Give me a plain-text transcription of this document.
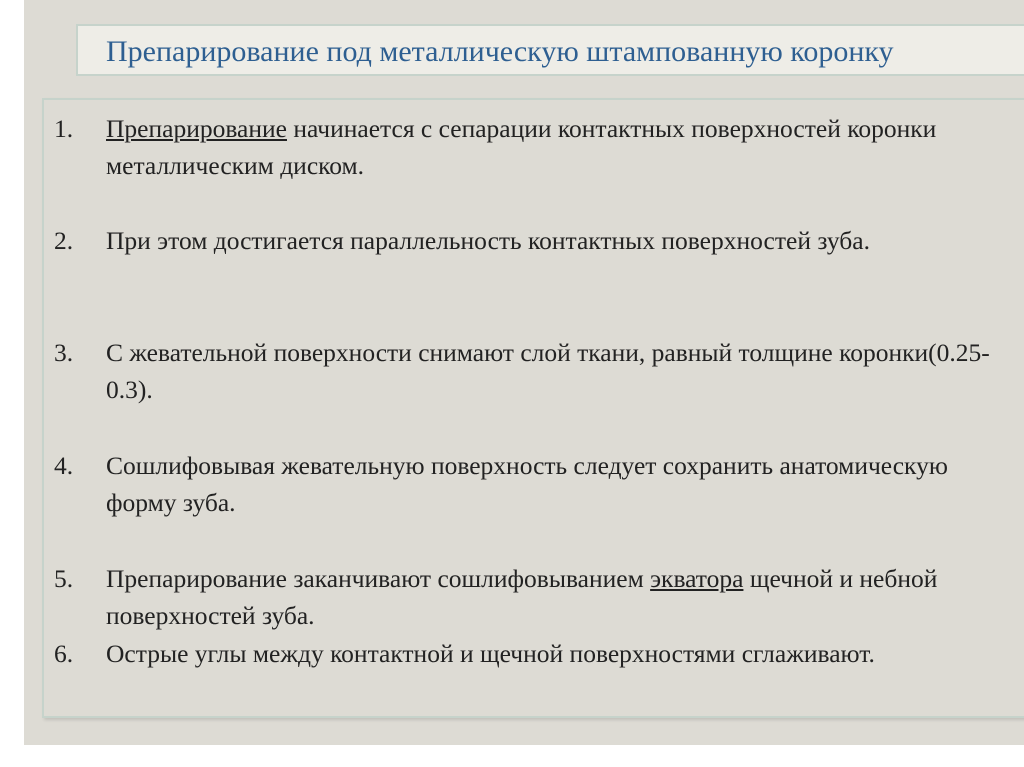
Препарирование под металлическую штампованную коронку
1. Препарирование начинается с сепарации контактных поверхностей коронки металлическим диском.
2. При этом достигается параллельность контактных поверхностей зуба.
3. С жевательной поверхности снимают слой ткани, равный толщине коронки(0.25-0.3).
4. Сошлифовывая жевательную поверхность следует сохранить анатомическую форму зуба.
5. Препарирование заканчивают сошлифовыванием экватора щечной и небной поверхностей зуба.
6. Острые углы между контактной и щечной поверхностями сглаживают.
